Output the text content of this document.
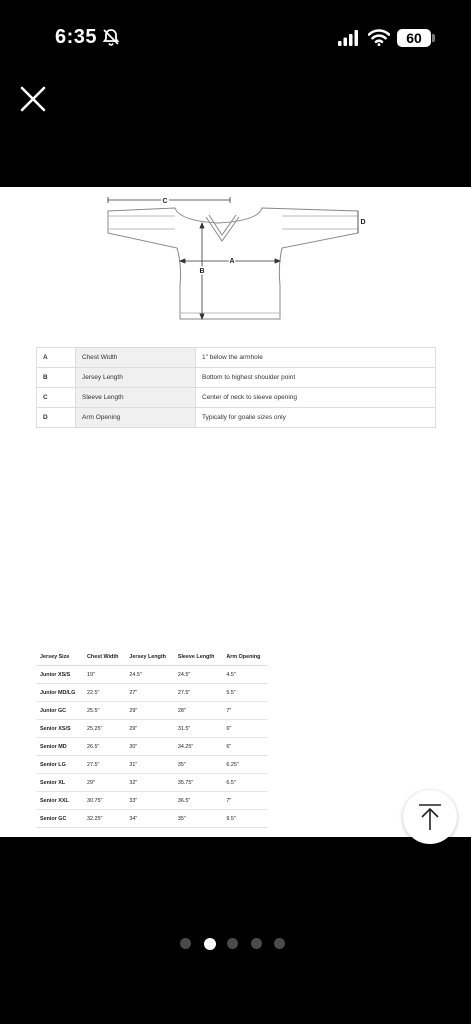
6:35	60
C
A
B
D
A	Chest Width	1" below the armhole
B	Jersey Length	Bottom to highest shoulder point
C	Sleeve Length	Center of neck to sleeve opening
D	Arm Opening	Typically for goalie sizes only
Jersey Size	Chest Width	Jersey Length	Sleeve Length	Arm Opening
Junior XS/S	19"	24.5"	24.5"	4.5"
Junior MD/LG	22.5"	27"	27.5"	5.5"
Junior GC	25.5"	29"	28"	7"
Senior XS/S	25.25"	29"	31.5"	6"
Senior MD	26.5"	30"	34.25"	6"
Senior LG	27.5"	31"	35"	6.25"
Senior XL	29"	32"	35.75"	6.5"
Senior XXL	30.75"	33"	36.5"	7"
Senior GC	32.25"	34"	35"	9.5"
